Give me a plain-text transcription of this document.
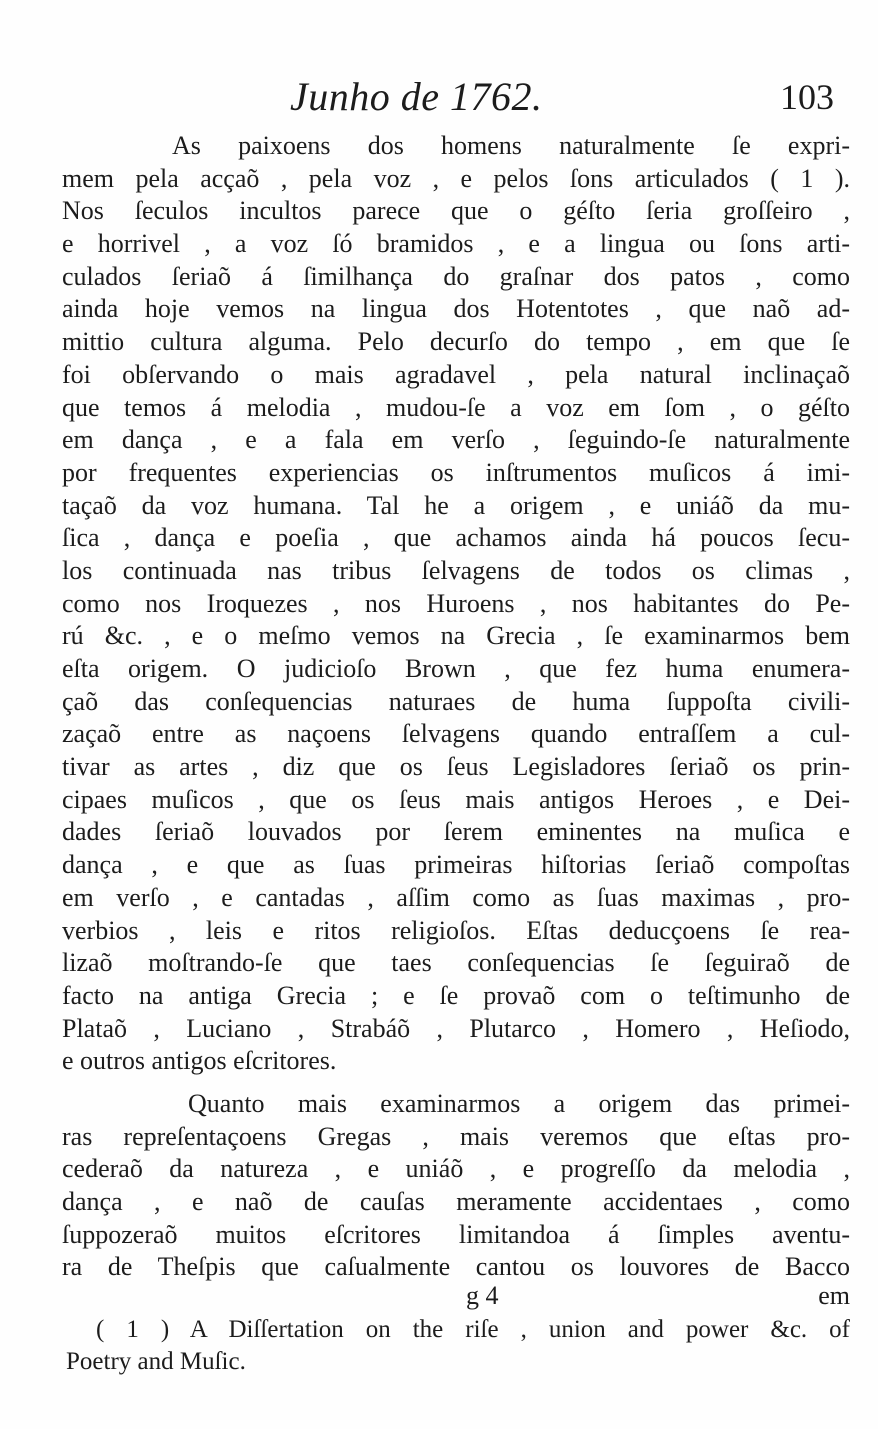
Junho de 1762.	103
As paixoens dos homens naturalmente ſe expri-
mem pela acçaõ , pela voz , e pelos ſons articulados ( 1 ).
Nos ſeculos incultos parece que o géſto ſeria groſſeiro ,
e horrivel , a voz ſó bramidos , e a lingua ou ſons arti-
culados ſeriaõ á ſimilhança do graſnar dos patos , como
ainda hoje vemos na lingua dos Hotentotes , que naõ ad-
mittio cultura alguma. Pelo decurſo do tempo , em que ſe
foi obſervando o mais agradavel , pela natural inclinaçaõ
que temos á melodia , mudou-ſe a voz em ſom , o géſto
em dança , e a fala em verſo , ſeguindo-ſe naturalmente
por frequentes experiencias os inſtrumentos muſicos á imi-
taçaõ da voz humana. Tal he a origem , e uniáõ da mu-
ſica , dança e poeſia , que achamos ainda há poucos ſecu-
los continuada nas tribus ſelvagens de todos os climas ,
como nos Iroquezes , nos Huroens , nos habitantes do Pe-
rú &c. , e o meſmo vemos na Grecia , ſe examinarmos bem
eſta origem. O judicioſo Brown , que fez huma enumera-
çaõ das conſequencias naturaes de huma ſuppoſta civili-
zaçaõ entre as naçoens ſelvagens quando entraſſem a cul-
tivar as artes , diz que os ſeus Legisladores ſeriaõ os prin-
cipaes muſicos , que os ſeus mais antigos Heroes , e Dei-
dades ſeriaõ louvados por ſerem eminentes na muſica e
dança , e que as ſuas primeiras hiſtorias ſeriaõ compoſtas
em verſo , e cantadas , aſſim como as ſuas maximas , pro-
verbios , leis e ritos religioſos. Eſtas deducçoens ſe rea-
lizaõ moſtrando-ſe que taes conſequencias ſe ſeguiraõ de
facto na antiga Grecia ; e ſe provaõ com o teſtimunho de
Plataõ , Luciano , Strabáõ , Plutarco , Homero , Heſiodo,
e outros antigos eſcritores.
Quanto mais examinarmos a origem das primei-
ras repreſentaçoens Gregas , mais veremos que eſtas pro-
cederaõ da natureza , e uniáõ , e progreſſo da melodia ,
dança , e naõ de cauſas meramente accidentaes , como
ſuppozeraõ muitos eſcritores limitandoa á ſimples aventu-
ra de Theſpis que caſualmente cantou os louvores de Bacco
g 4	em
( 1 ) A Diſſertation on the riſe , union and power &c. of
Poetry and Muſic.
